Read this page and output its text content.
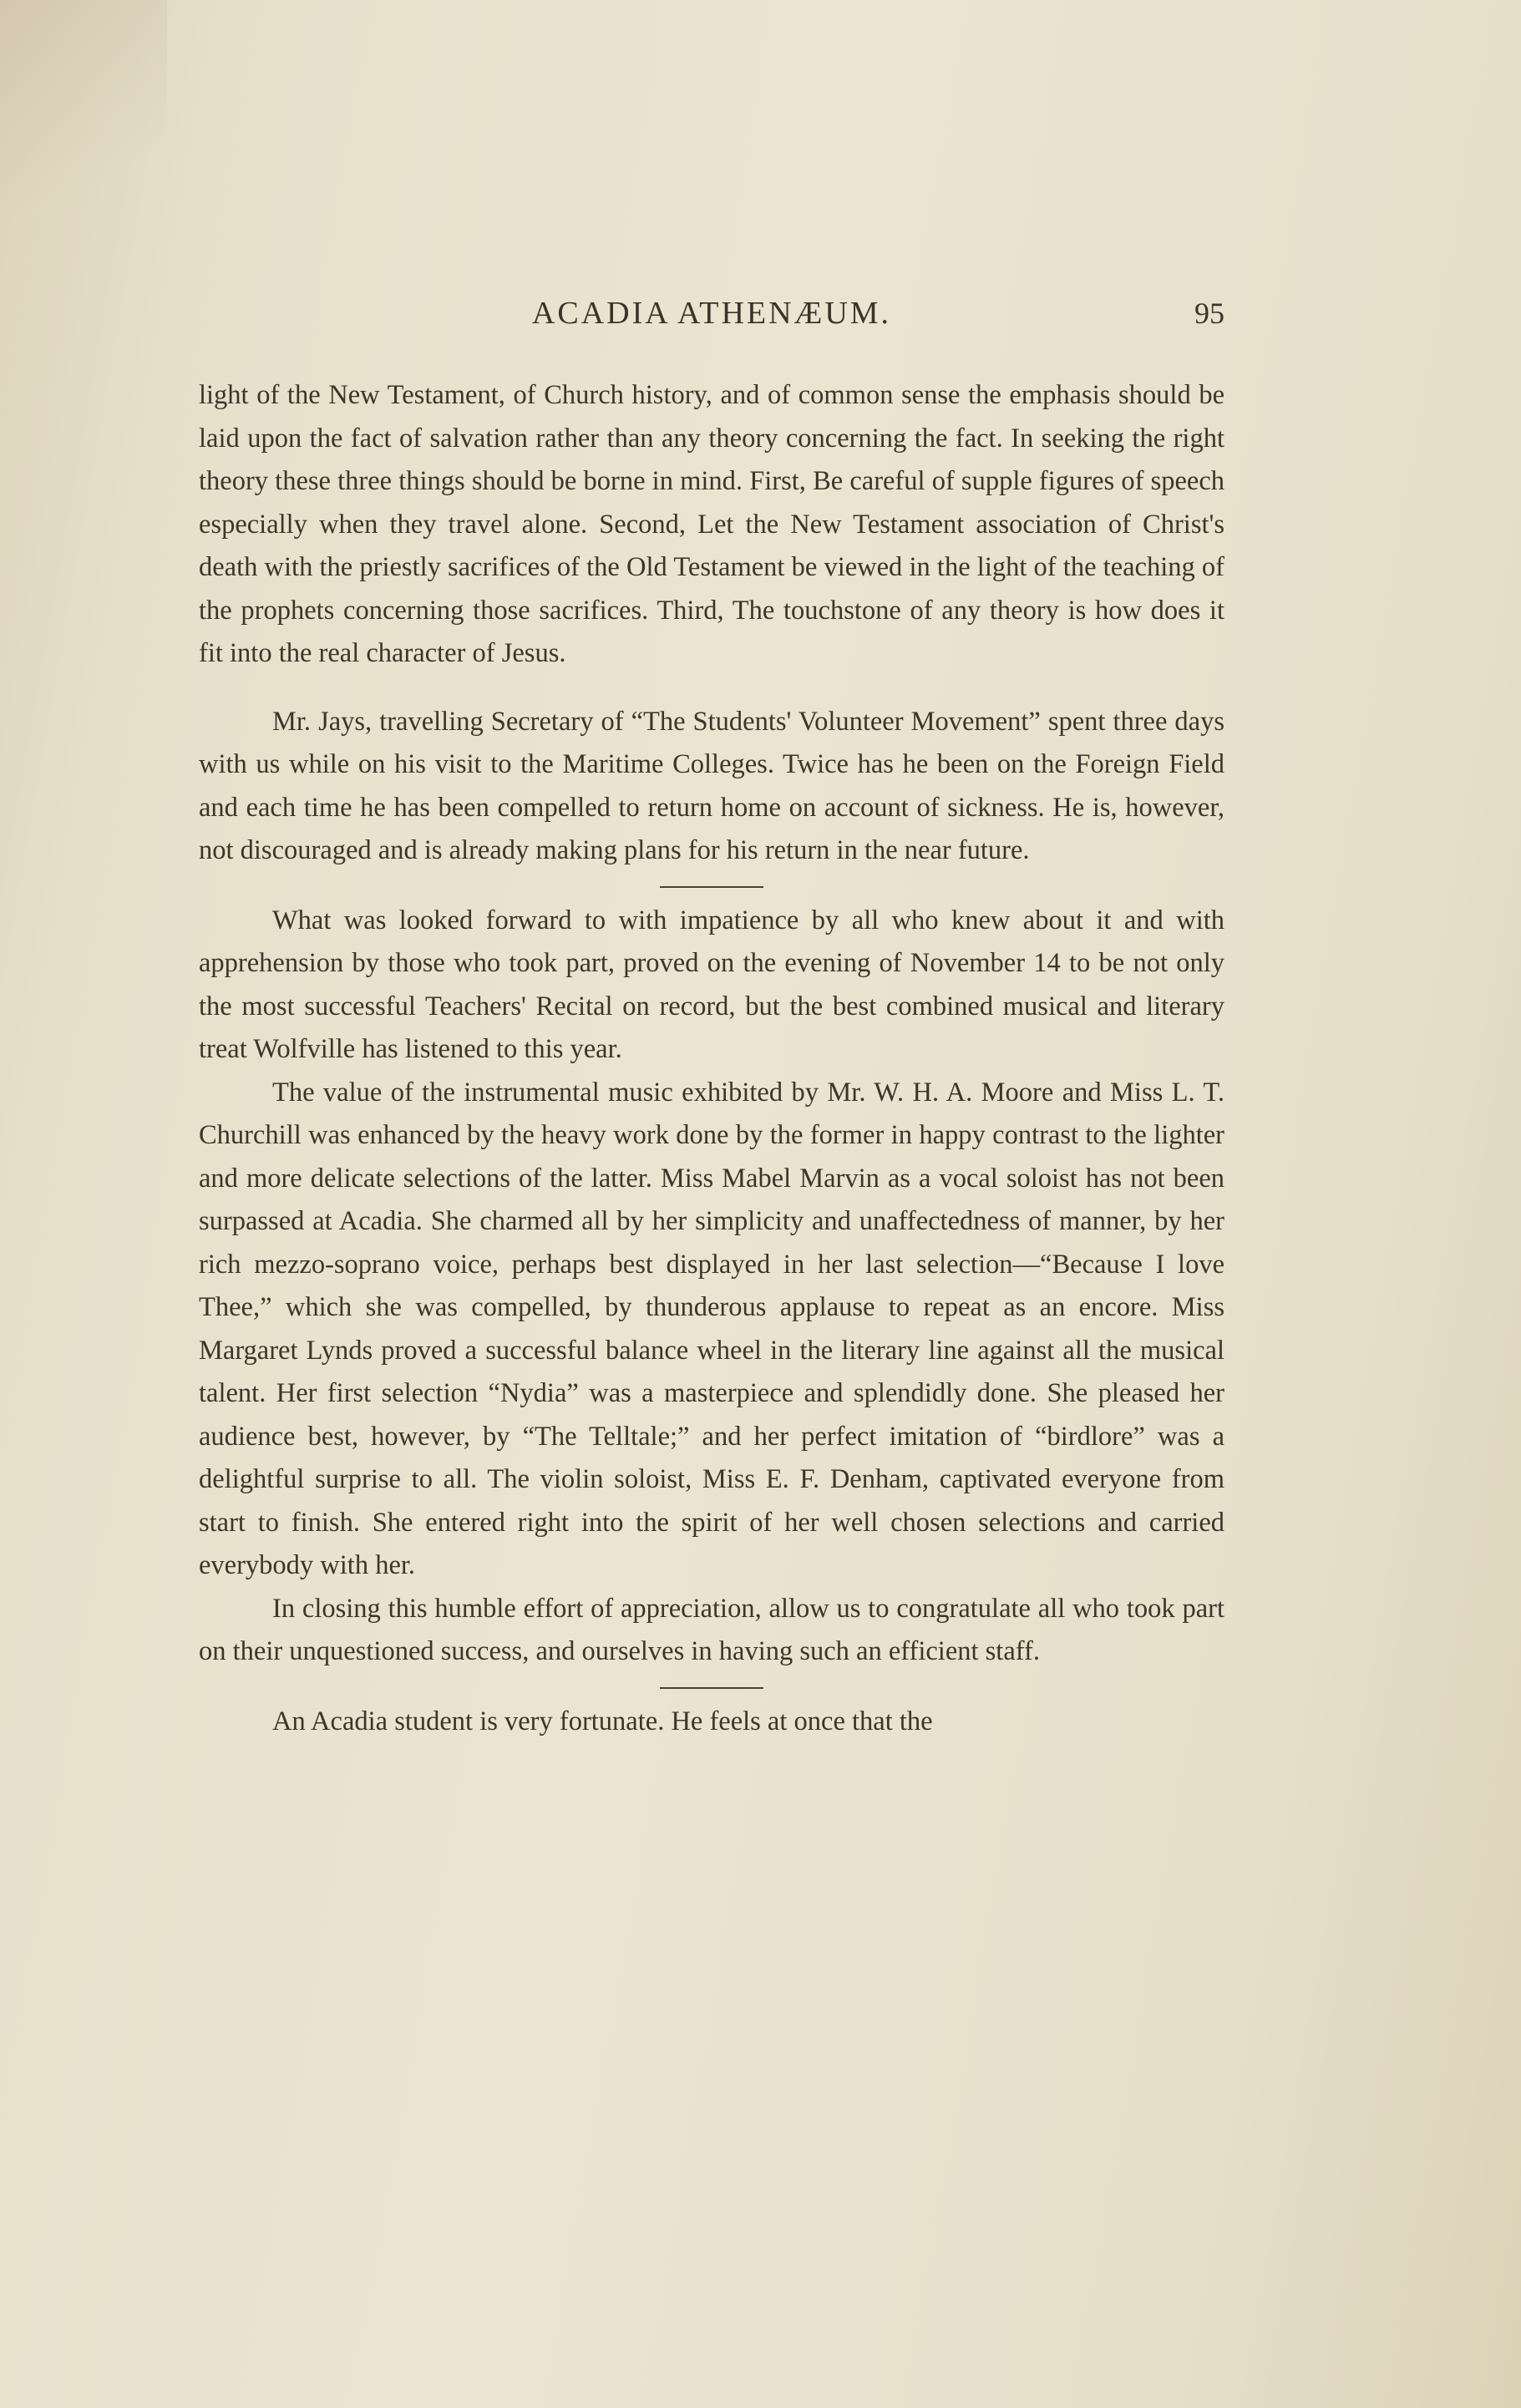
ACADIA ATHENÆUM.	95

light of the New Testament, of Church history, and of common sense the emphasis should be laid upon the fact of salvation rather than any theory concerning the fact. In seeking the right theory these three things should be borne in mind. First, Be careful of supple figures of speech especially when they travel alone. Second, Let the New Testament association of Christ's death with the priestly sacrifices of the Old Testament be viewed in the light of the teaching of the prophets concerning those sacrifices. Third, The touchstone of any theory is how does it fit into the real character of Jesus.

Mr. Jays, travelling Secretary of “The Students' Volunteer Movement” spent three days with us while on his visit to the Maritime Colleges. Twice has he been on the Foreign Field and each time he has been compelled to return home on account of sickness. He is, however, not discouraged and is already making plans for his return in the near future.

What was looked forward to with impatience by all who knew about it and with apprehension by those who took part, proved on the evening of November 14 to be not only the most successful Teachers' Recital on record, but the best combined musical and literary treat Wolfville has listened to this year.

The value of the instrumental music exhibited by Mr. W. H. A. Moore and Miss L. T. Churchill was enhanced by the heavy work done by the former in happy contrast to the lighter and more delicate selections of the latter. Miss Mabel Marvin as a vocal soloist has not been surpassed at Acadia. She charmed all by her simplicity and unaffectedness of manner, by her rich mezzo-soprano voice, perhaps best displayed in her last selection—“Because I love Thee,” which she was compelled, by thunderous applause to repeat as an encore. Miss Margaret Lynds proved a successful balance wheel in the literary line against all the musical talent. Her first selection “Nydia” was a masterpiece and splendidly done. She pleased her audience best, however, by “The Telltale;” and her perfect imitation of “birdlore” was a delightful surprise to all. The violin soloist, Miss E. F. Denham, captivated everyone from start to finish. She entered right into the spirit of her well chosen selections and carried everybody with her.

In closing this humble effort of appreciation, allow us to congratulate all who took part on their unquestioned success, and ourselves in having such an efficient staff.

An Acadia student is very fortunate. He feels at once that the
